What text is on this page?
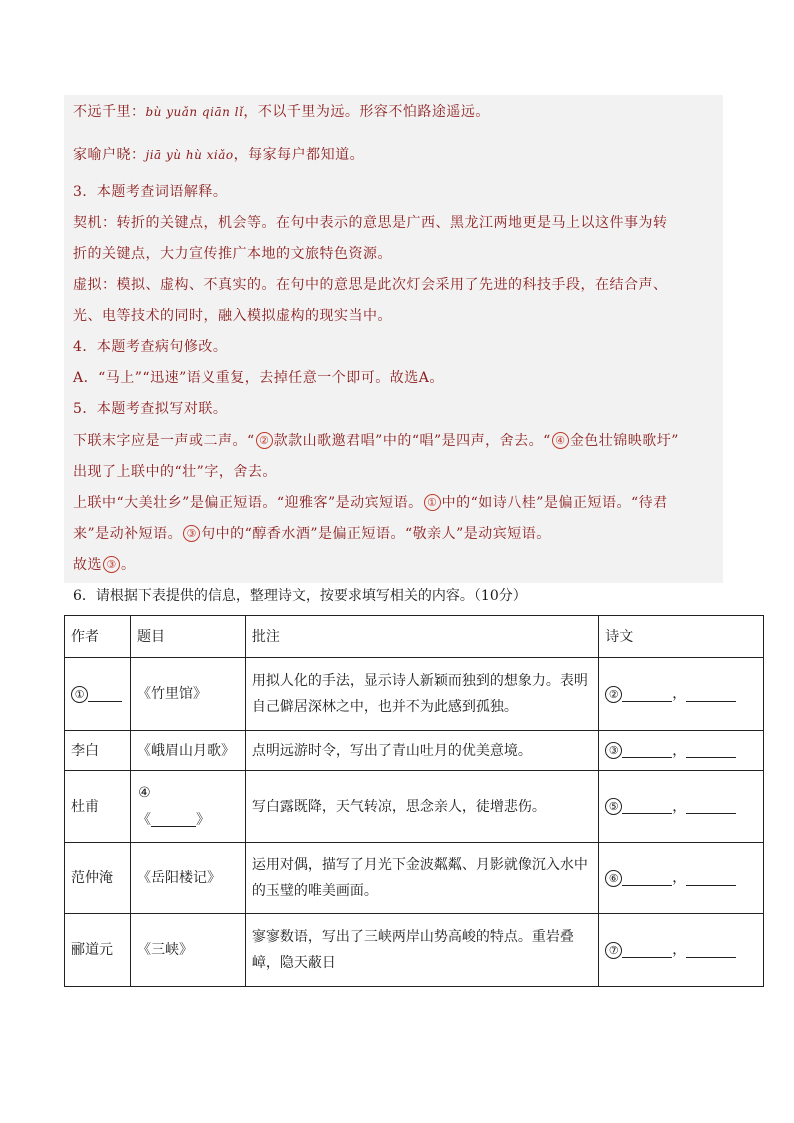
不远千里：bù yuǎn qiān lǐ，不以千里为远。形容不怕路途遥远。
家喻户晓：jiā yù hù xiǎo，每家每户都知道。
3．本题考查词语解释。
契机：转折的关键点，机会等。在句中表示的意思是广西、黑龙江两地更是马上以这件事为转
折的关键点，大力宣传推广本地的文旅特色资源。
虚拟：模拟、虚构、不真实的。在句中的意思是此次灯会采用了先进的科技手段，在结合声、
光、电等技术的同时，融入模拟虚构的现实当中。
4．本题考查病句修改。
A．“马上”“迅速”语义重复，去掉任意一个即可。故选A。
5．本题考查拟写对联。
下联末字应是一声或二声。“ ② 款款山歌邀君唱”中的“唱”是四声，舍去。“ ④ 金色壮锦映歌圩”
出现了上联中的“壮”字，舍去。
上联中“大美壮乡”是偏正短语。“迎雅客”是动宾短语。 ① 中的“如诗八桂”是偏正短语。“待君
来”是动补短语。 ③ 句中的“醇香水酒”是偏正短语。“敬亲人”是动宾短语。
故选 ③ 。
6．请根据下表提供的信息，整理诗文，按要求填写相关的内容。（10分）
作者	题目	批注	诗文
①	《竹里馆》	用拟人化的手法，显示诗人新颖而独到的想象力。表明自己僻居深林之中，也并不为此感到孤独。	② ，
李白	《峨眉山月歌》	点明远游时令，写出了青山吐月的优美意境。	③ ，
杜甫	④
《 》	写白露既降，天气转凉，思念亲人，徒增悲伤。	⑤ ，
范仲淹	《岳阳楼记》	运用对偶，描写了月光下金波粼粼、月影就像沉入水中的玉璧的唯美画面。	⑥ ，
郦道元	《三峡》	寥寥数语，写出了三峡两岸山势高峻的特点。重岩叠嶂，隐天蔽日	⑦ ，
